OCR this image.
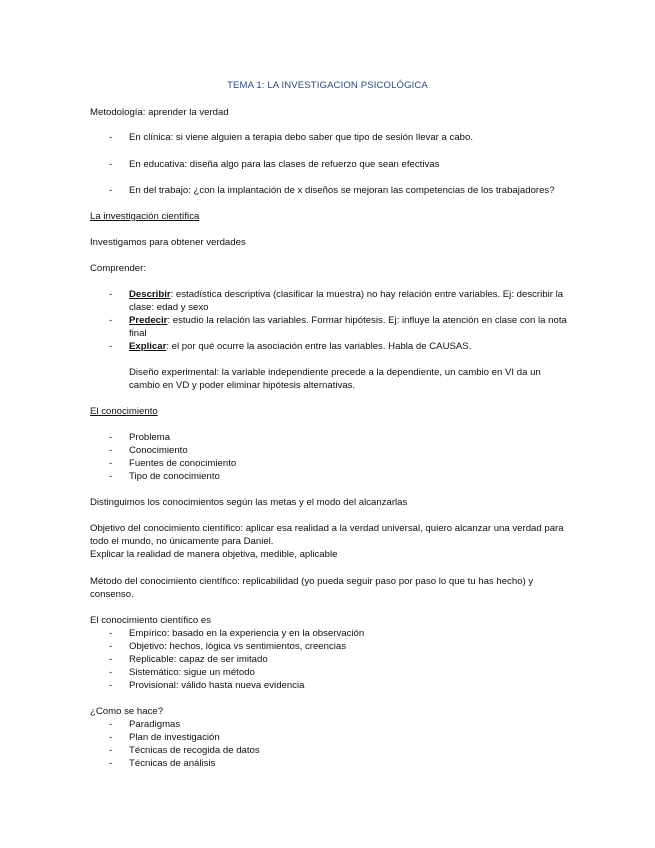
TEMA 1: LA INVESTIGACION PSICOLÓGICA
Metodología: aprender la verdad
-	En clínica: si viene alguien a terapia debo saber que tipo de sesión llevar a cabo.
-	En educativa: diseña algo para las clases de refuerzo que sean efectivas
-	En del trabajo: ¿con la implantación de x diseños se mejoran las competencias de los trabajadores?
La investigación científica
Investigamos para obtener verdades
Comprender:
-	Describir: estadística descriptiva (clasificar la muestra) no hay relación entre variables. Ej: describir la clase: edad y sexo
-	Predecir: estudio la relación las variables. Formar hipótesis. Ej: influye la atención en clase con la nota final
-	Explicar: el por qué ocurre la asociación entre las variables. Habla de CAUSAS.
Diseño experimental: la variable independiente precede a la dependiente, un cambio en VI da un cambio en VD y poder eliminar hipótesis alternativas.
El conocimiento
-	Problema
-	Conocimiento
-	Fuentes de conocimiento
-	Tipo de conocimiento
Distinguimos los conocimientos según las metas y el modo del alcanzarlas
Objetivo del conocimiento científico: aplicar esa realidad a la verdad universal, quiero alcanzar una verdad para todo el mundo, no únicamente para Daniel.
Explicar la realidad de manera objetiva, medible, aplicable
Método del conocimiento científico: replicabilidad (yo pueda seguir paso por paso lo que tu has hecho) y consenso.
El conocimiento científico es
-	Empírico: basado en la experiencia y en la observación
-	Objetivo: hechos, lógica vs sentimientos, creencias
-	Replicable: capaz de ser imitado
-	Sistemático: sigue un método
-	Provisional: válido hasta nueva evidencia
¿Como se hace?
-	Paradigmas
-	Plan de investigación
-	Técnicas de recogida de datos
-	Técnicas de análisis
